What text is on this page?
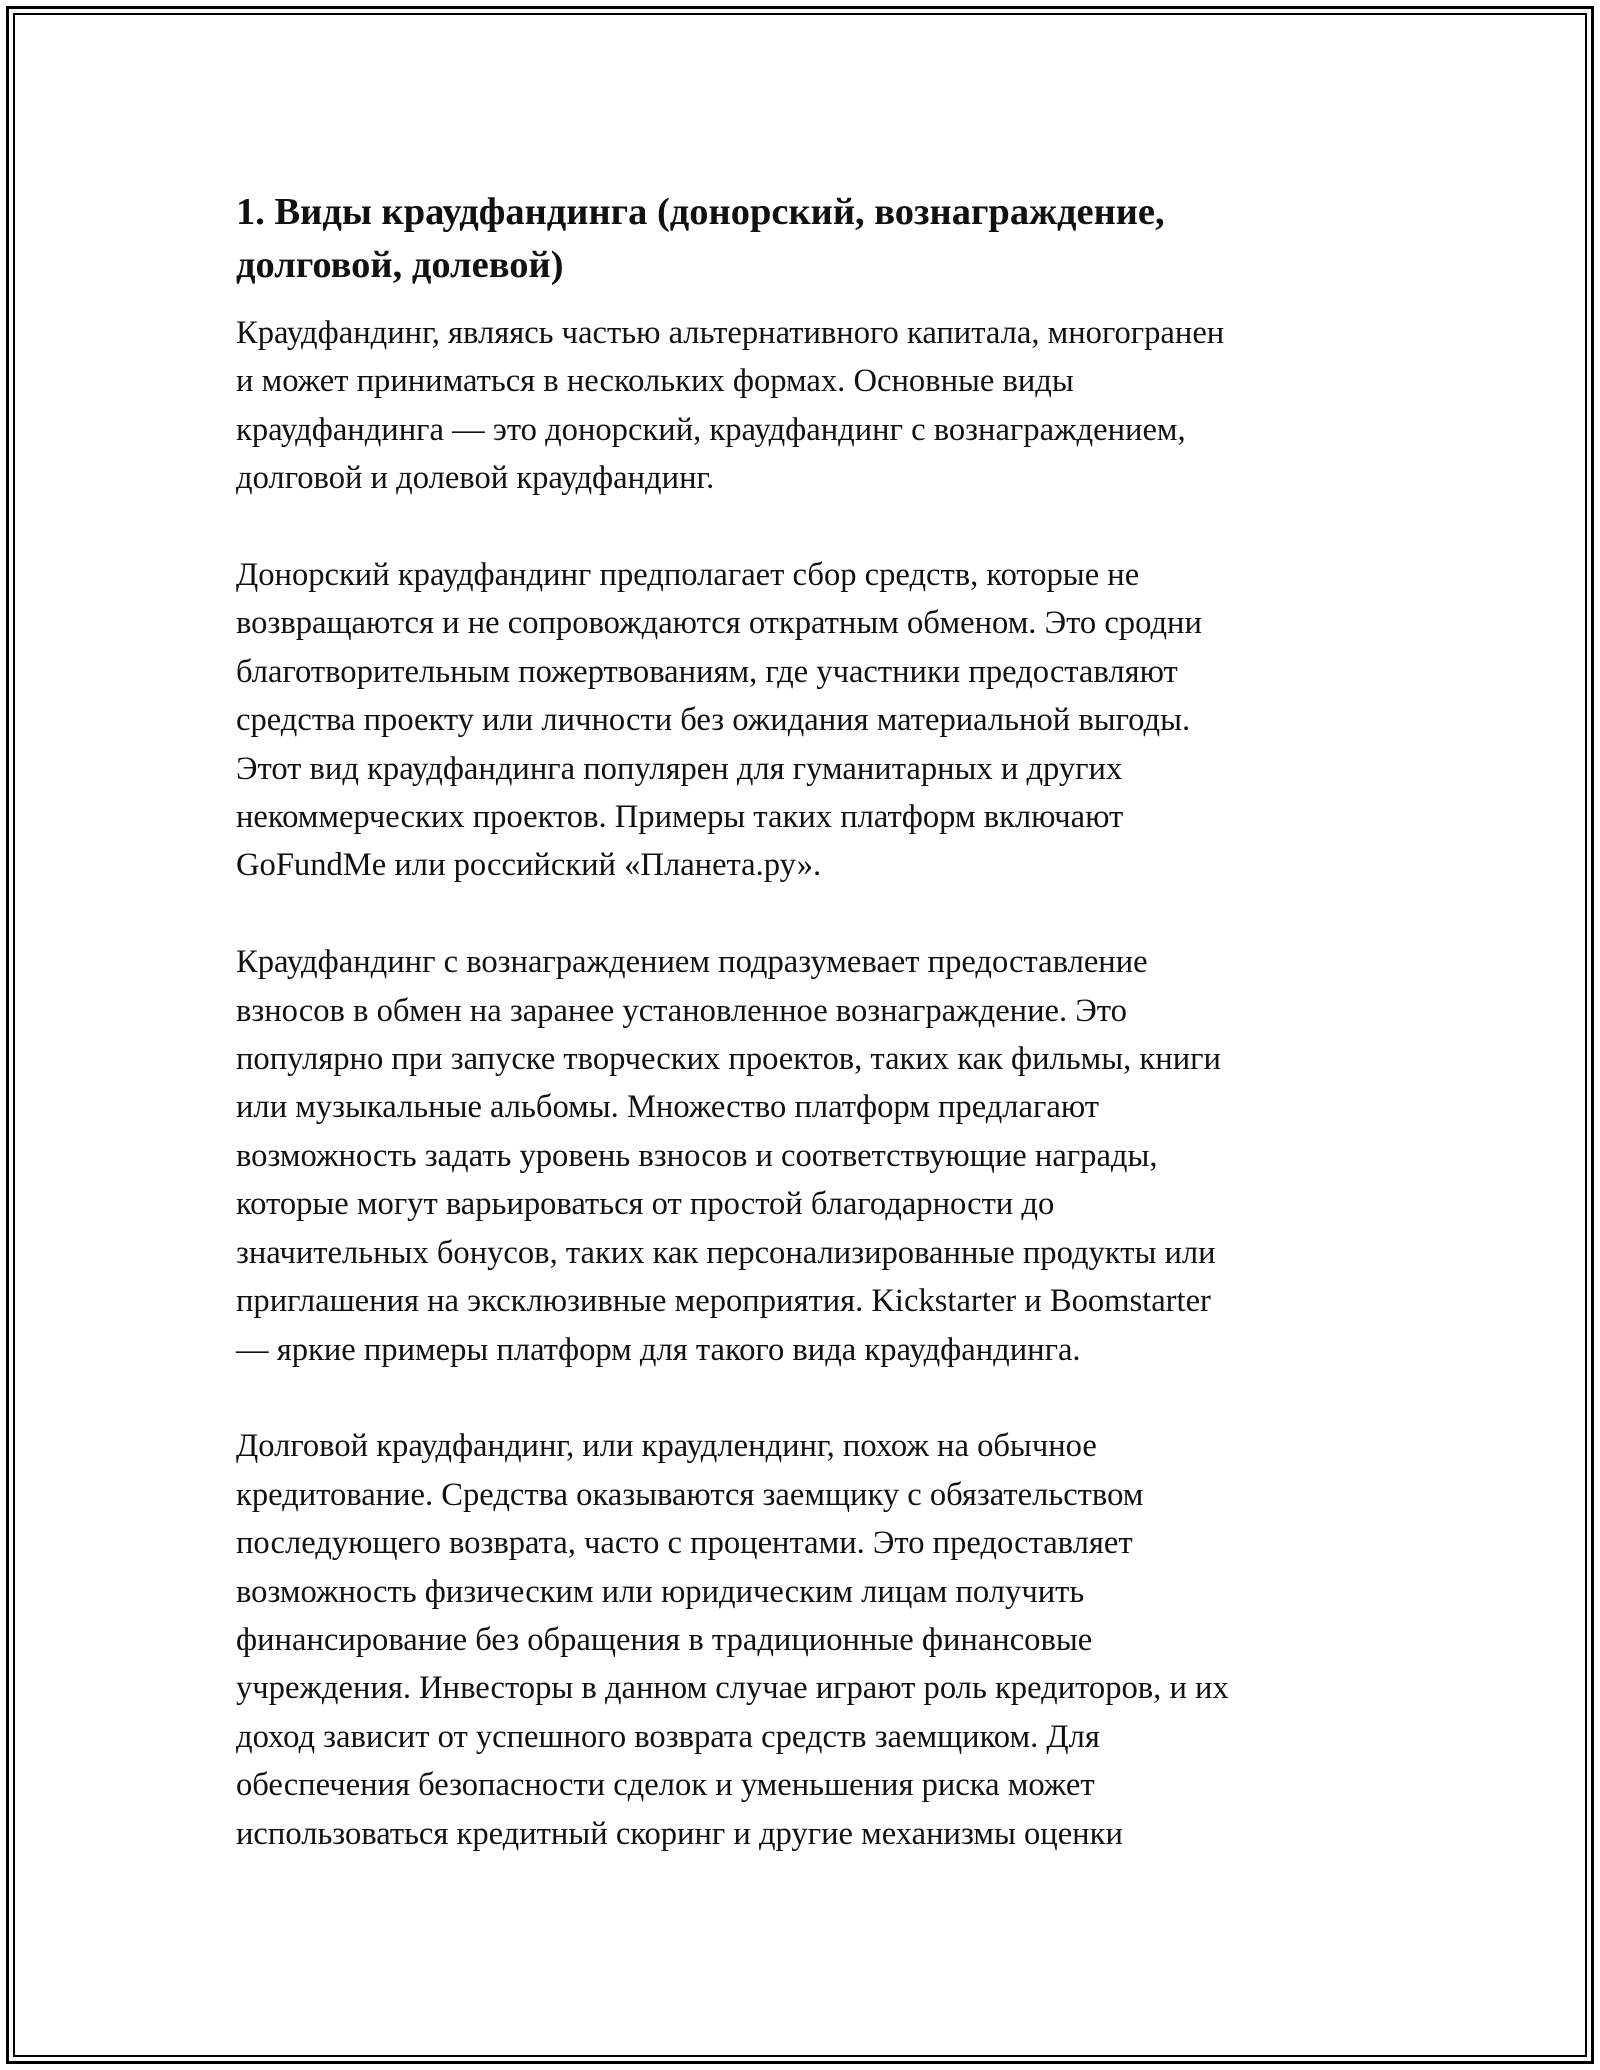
1. Виды краудфандинга (донорский, вознаграждение,
долговой, долевой)
Краудфандинг, являясь частью альтернативного капитала, многогранен
и может приниматься в нескольких формах. Основные виды
краудфандинга — это донорский, краудфандинг с вознаграждением,
долговой и долевой краудфандинг.
Донорский краудфандинг предполагает сбор средств, которые не
возвращаются и не сопровождаются откратным обменом. Это сродни
благотворительным пожертвованиям, где участники предоставляют
средства проекту или личности без ожидания материальной выгоды.
Этот вид краудфандинга популярен для гуманитарных и других
некоммерческих проектов. Примеры таких платформ включают
GoFundMe или российский «Планета.ру».
Краудфандинг с вознаграждением подразумевает предоставление
взносов в обмен на заранее установленное вознаграждение. Это
популярно при запуске творческих проектов, таких как фильмы, книги
или музыкальные альбомы. Множество платформ предлагают
возможность задать уровень взносов и соответствующие награды,
которые могут варьироваться от простой благодарности до
значительных бонусов, таких как персонализированные продукты или
приглашения на эксклюзивные мероприятия. Kickstarter и Boomstarter
— яркие примеры платформ для такого вида краудфандинга.
Долговой краудфандинг, или краудлендинг, похож на обычное
кредитование. Средства оказываются заемщику с обязательством
последующего возврата, часто с процентами. Это предоставляет
возможность физическим или юридическим лицам получить
финансирование без обращения в традиционные финансовые
учреждения. Инвесторы в данном случае играют роль кредиторов, и их
доход зависит от успешного возврата средств заемщиком. Для
обеспечения безопасности сделок и уменьшения риска может
использоваться кредитный скоринг и другие механизмы оценки
